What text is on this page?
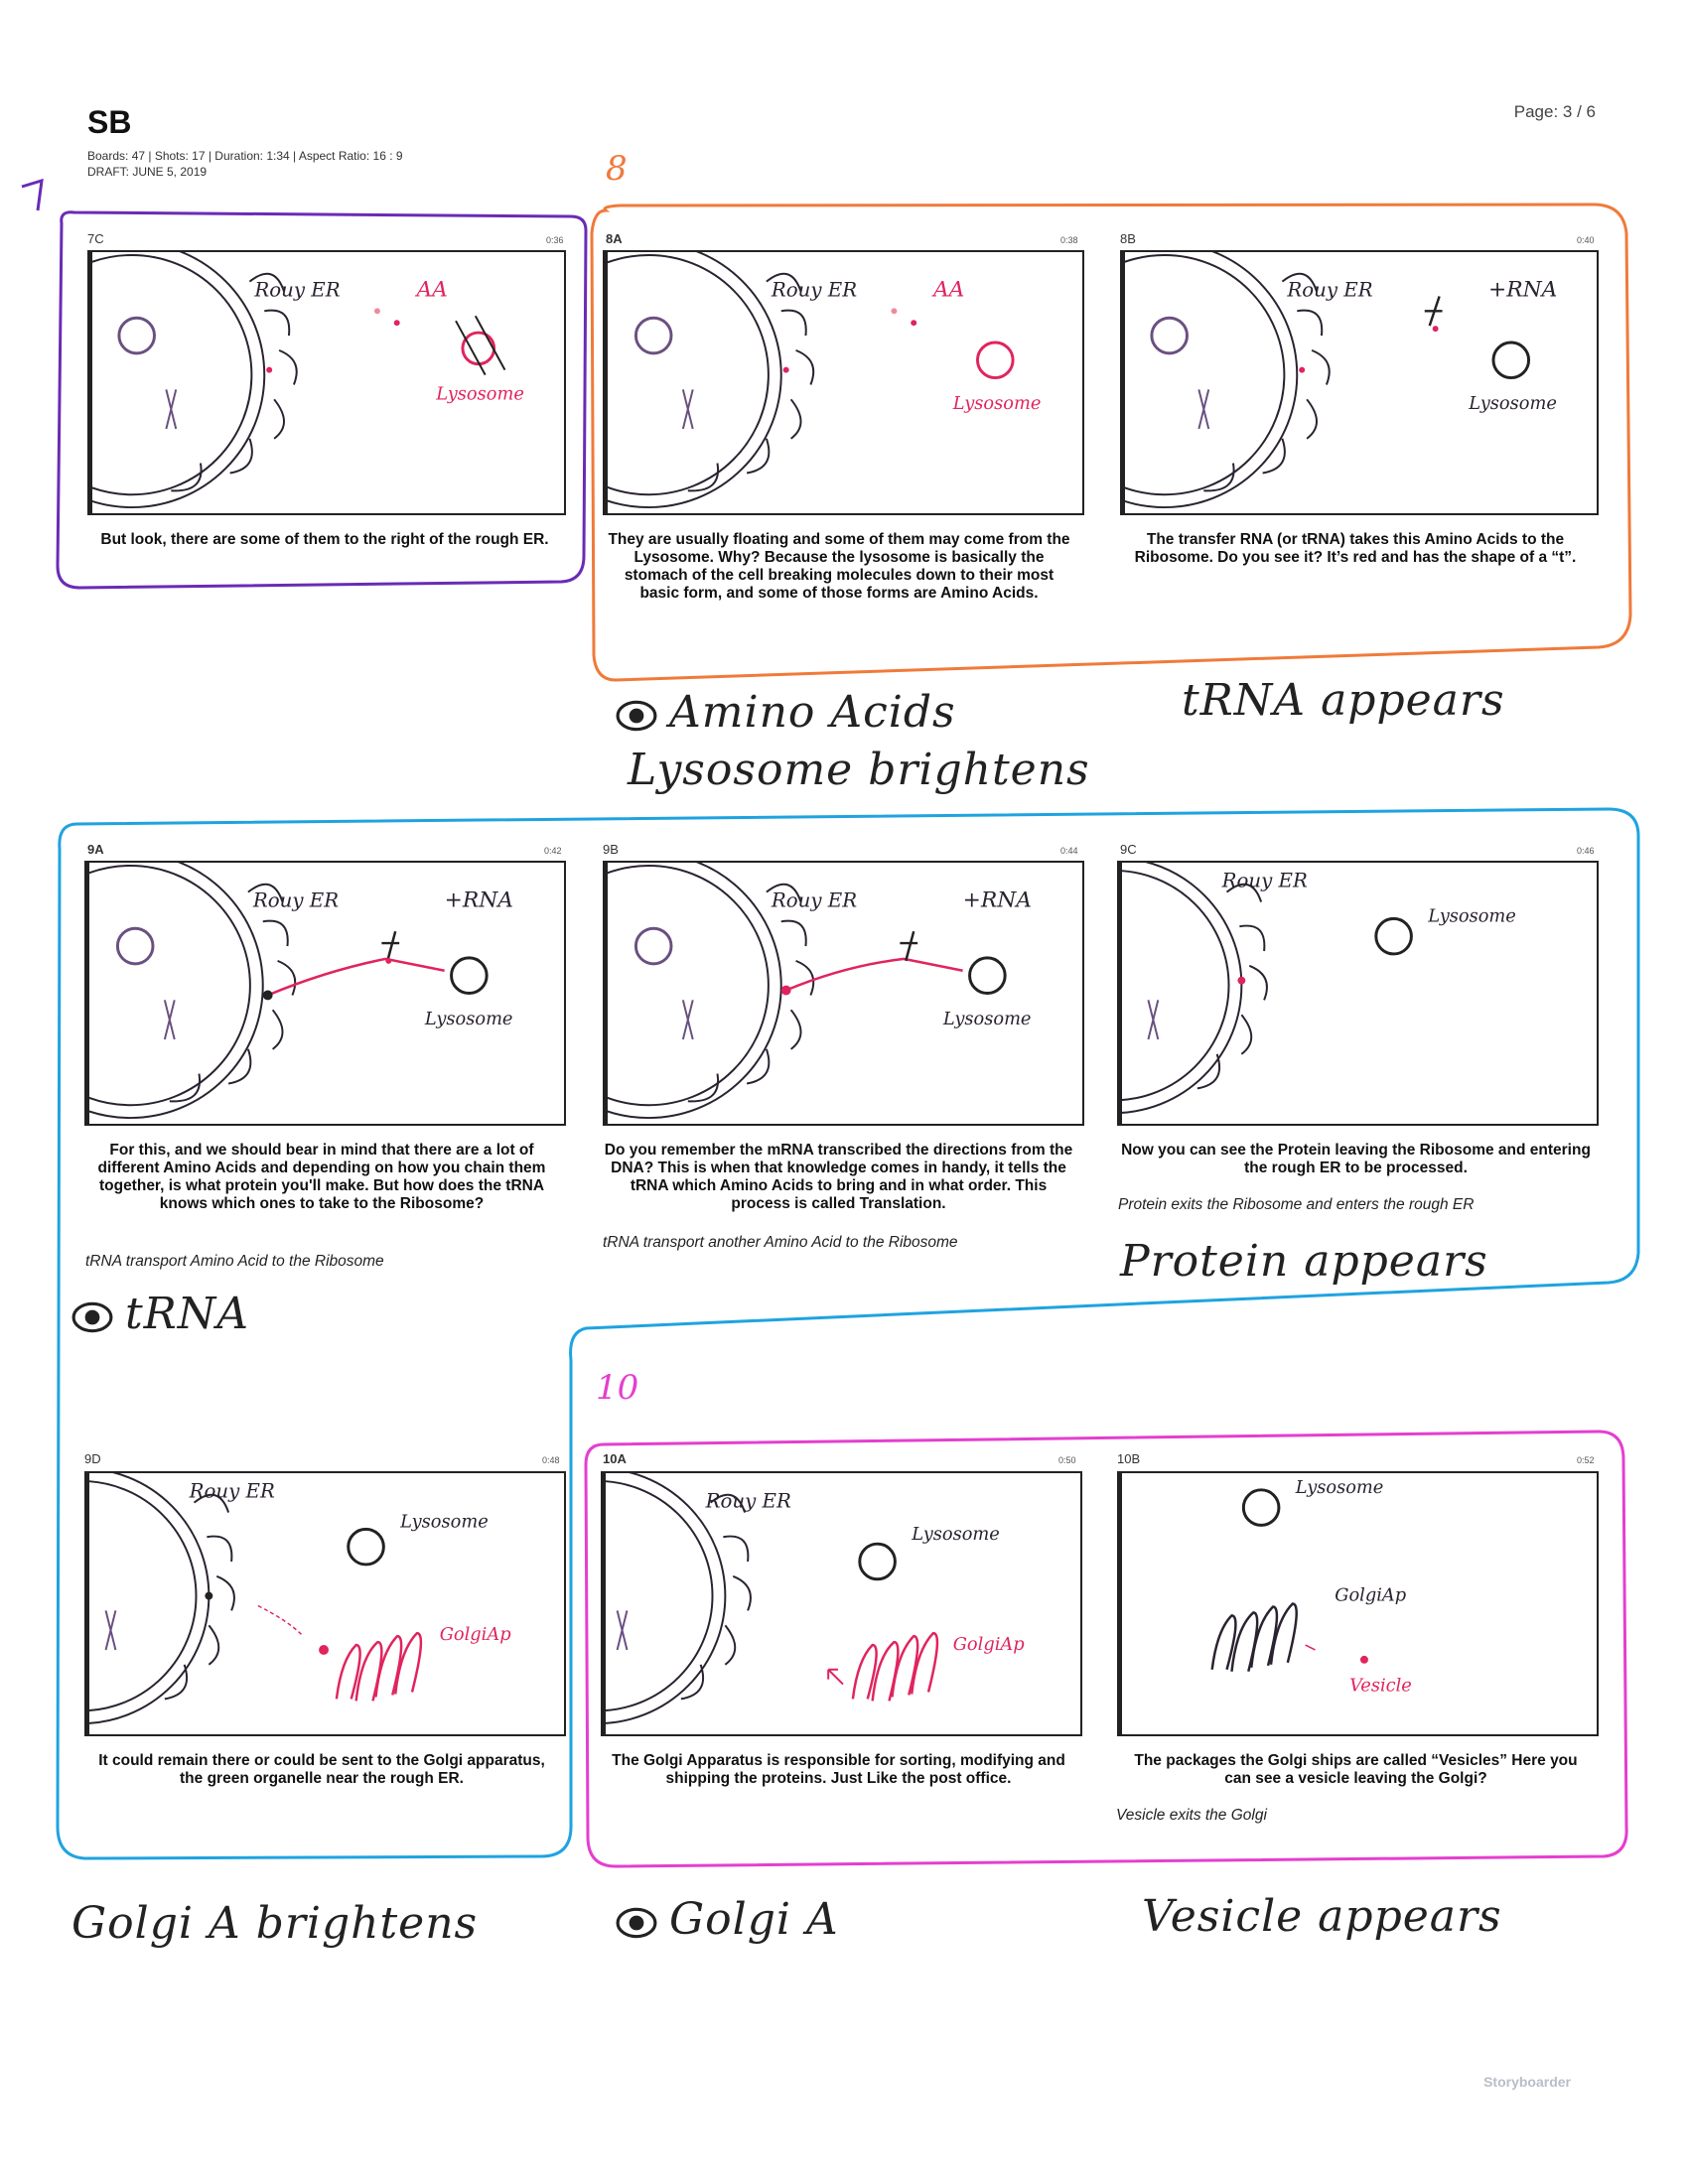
SB
Boards: 47 | Shots: 17 | Duration: 1:34 | Aspect Ratio: 16 : 9
DRAFT: JUNE 5, 2019
Page: 3 / 6
8
10
7C	0:36
Rouy ER	AA
Lysosome
But look, there are some of them to the right of the rough ER.
8A	0:38
Rouy ER	AA
Lysosome
They are usually floating and some of them may come from the Lysosome. Why? Because the lysosome is basically the stomach of the cell breaking molecules down to their most basic form, and some of those forms are Amino Acids.
8B	0:40
Rouy ER	+RNA
Lysosome
The transfer RNA (or tRNA) takes this Amino Acids to the Ribosome. Do you see it? It’s red and has the shape of a “t”.
Amino Acids
Lysosome brightens
tRNA appears
9A	0:42
Rouy ER	+RNA
Lysosome
For this, and we should bear in mind that there are a lot of different Amino Acids and depending on how you chain them together, is what protein you'll make. But how does the tRNA knows which ones to take to the Ribosome?
tRNA transport Amino Acid to the Ribosome
9B	0:44
Rouy ER	+RNA
Lysosome
Do you remember the mRNA transcribed the directions from the DNA? This is when that knowledge comes in handy, it tells the tRNA which Amino Acids to bring and in what order. This process is called Translation.
tRNA transport another Amino Acid to the Ribosome
9C	0:46
Rouy ER
Lysosome
Now you can see the Protein leaving the Ribosome and entering the rough ER to be processed.
Protein exits the Ribosome and enters the rough ER
Protein appears
tRNA
9D	0:48
Rouy ER
Lysosome
GolgiAp
It could remain there or could be sent to the Golgi apparatus, the green organelle near the rough ER.
10A	0:50
Rouy ER
Lysosome
GolgiAp
The Golgi Apparatus is responsible for sorting, modifying and shipping the proteins. Just Like the post office.
10B	0:52
Lysosome
GolgiAp
Vesicle
The packages the Golgi ships are called “Vesicles” Here you can see a vesicle leaving the Golgi?
Vesicle exits the Golgi
Golgi A brightens	Golgi A	Vesicle appears
Storyboarder
